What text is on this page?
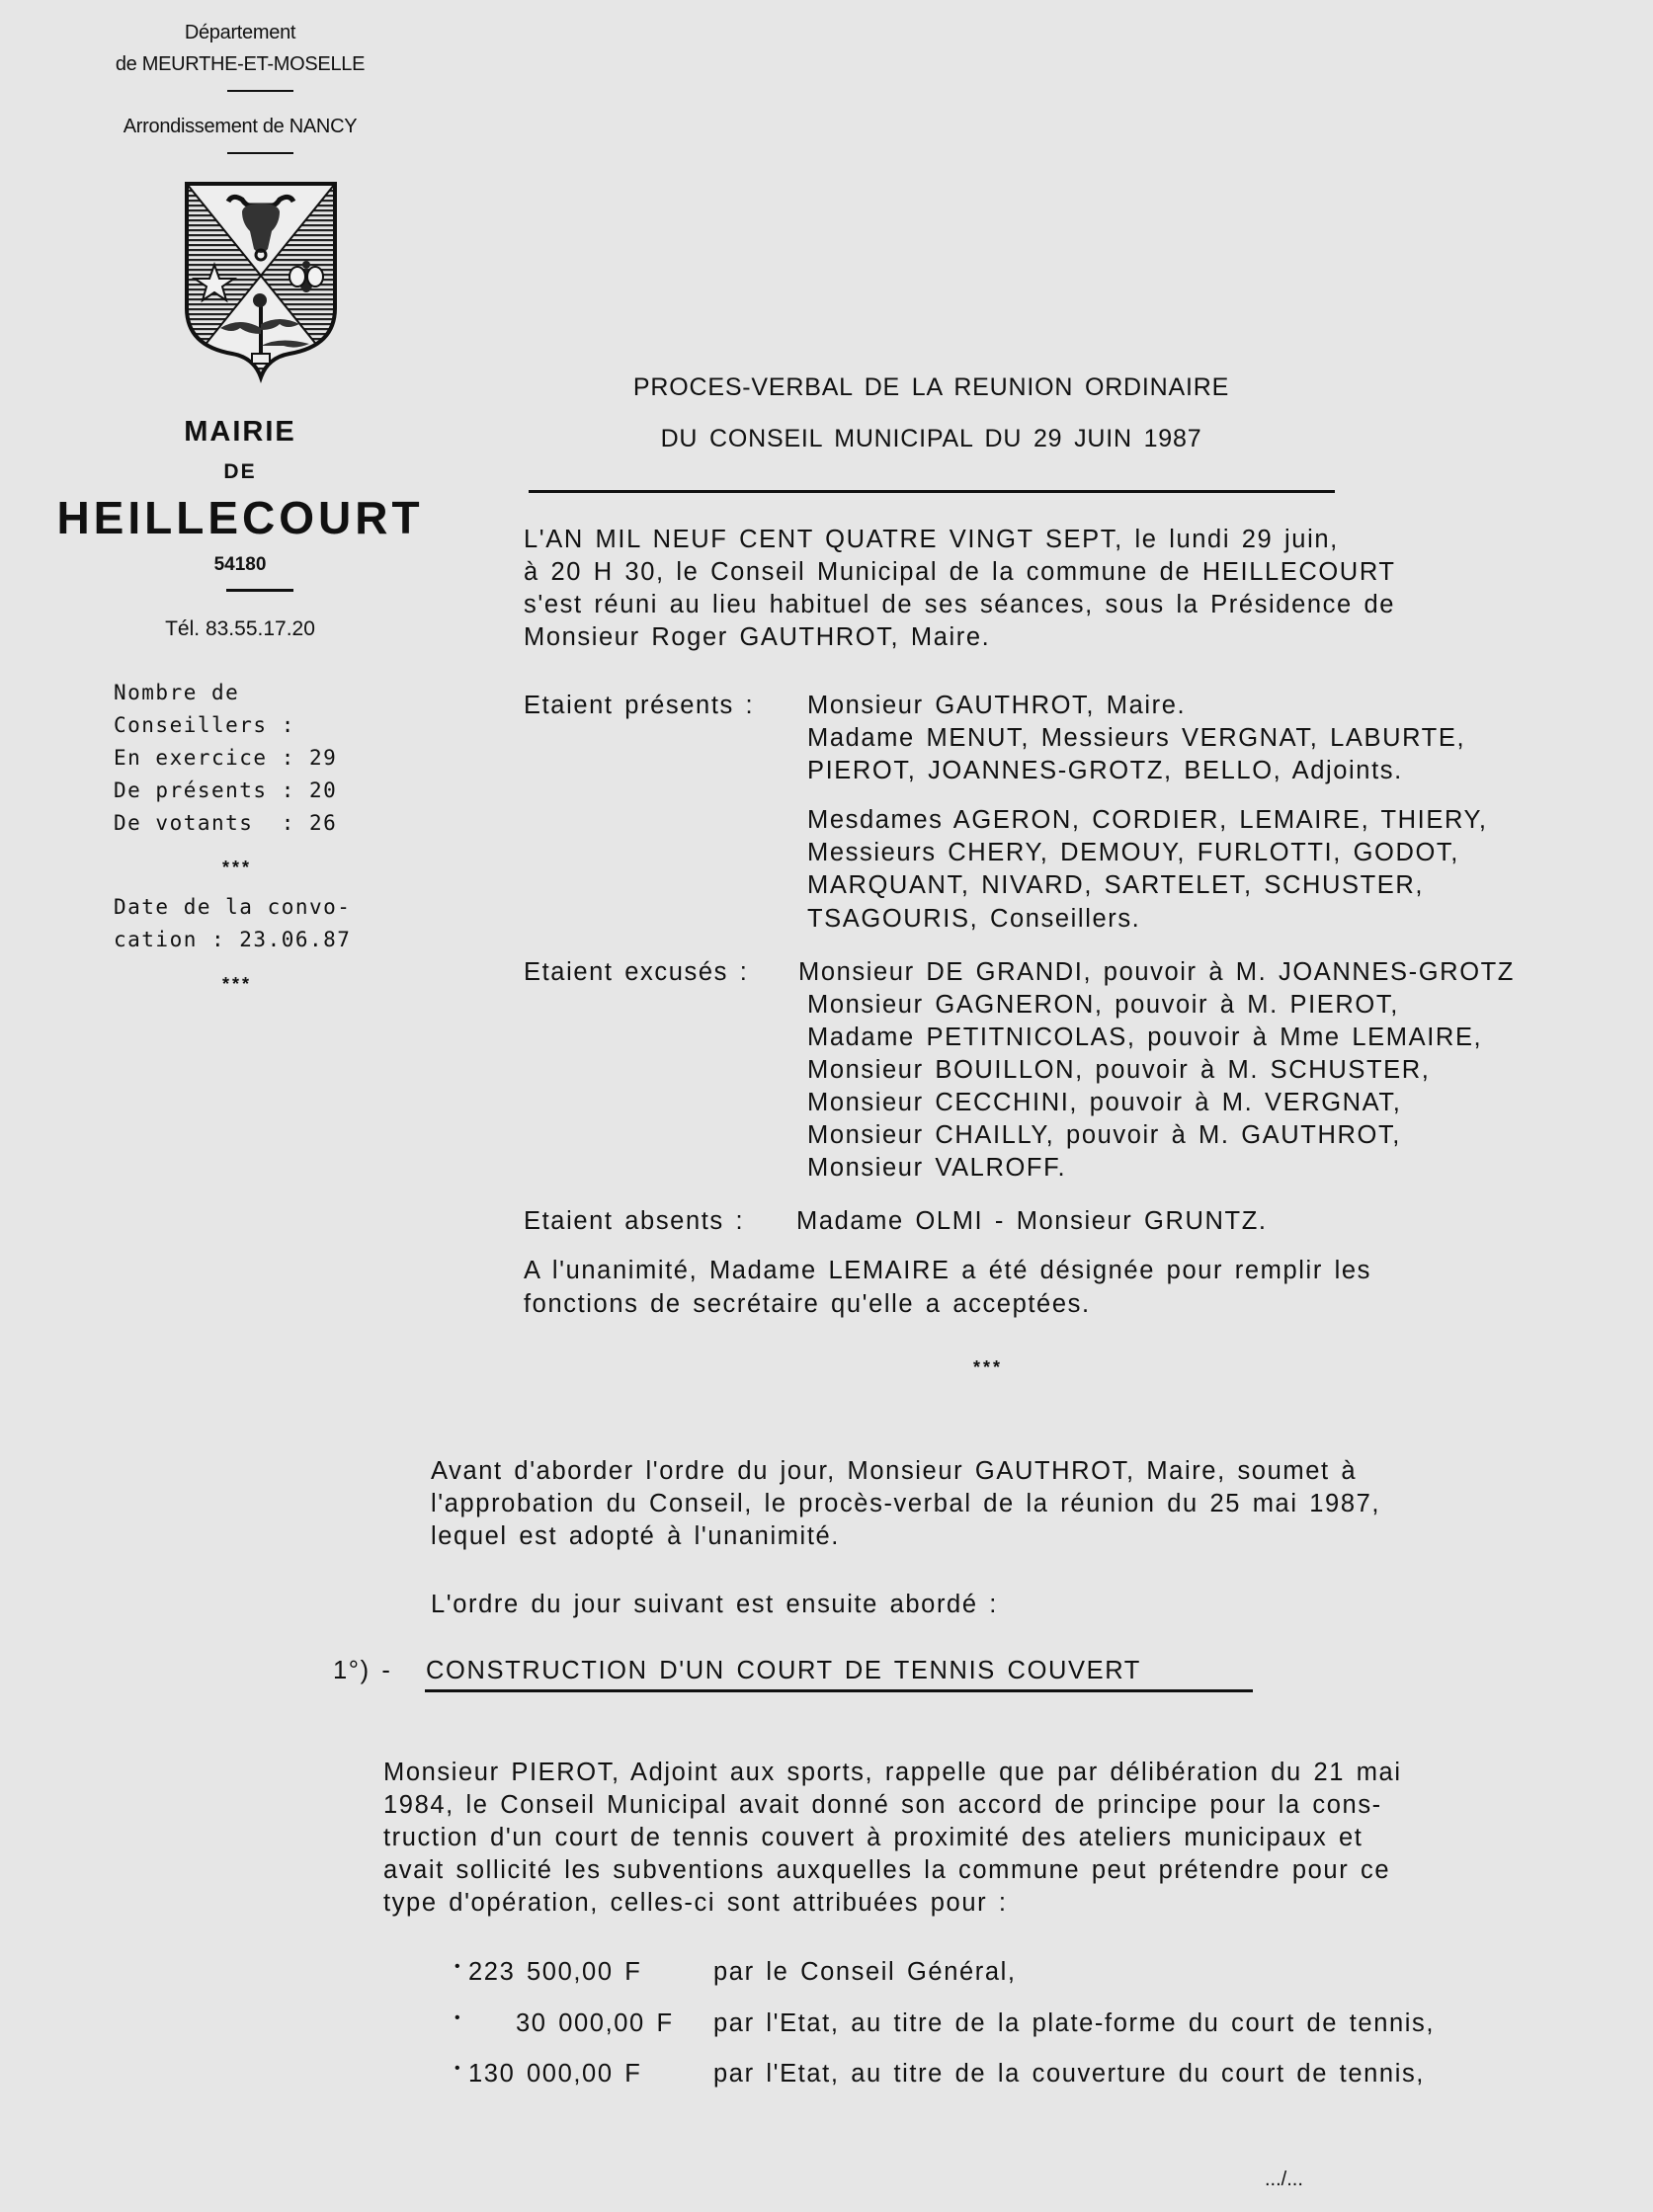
Département
de MEURTHE-ET-MOSELLE
Arrondissement de NANCY
MAIRIE
DE
HEILLECOURT
54180
Tél. 83.55.17.20
Nombre de
Conseillers :
En exercice : 29
De présents : 20
De votants  : 26
***
Date de la convo-
cation : 23.06.87
***
PROCES-VERBAL DE LA REUNION ORDINAIRE
DU CONSEIL MUNICIPAL DU 29 JUIN 1987
L'AN MIL NEUF CENT QUATRE VINGT SEPT, le lundi 29 juin,
à 20 H 30, le Conseil Municipal de la commune de HEILLECOURT
s'est réuni au lieu habituel de ses séances, sous la Présidence de
Monsieur Roger GAUTHROT, Maire.
Etaient présents : Monsieur GAUTHROT, Maire.
Madame MENUT, Messieurs VERGNAT, LABURTE,
PIEROT, JOANNES-GROTZ, BELLO, Adjoints.
Mesdames AGERON, CORDIER, LEMAIRE, THIERY,
Messieurs CHERY, DEMOUY, FURLOTTI, GODOT,
MARQUANT, NIVARD, SARTELET, SCHUSTER,
TSAGOURIS, Conseillers.
Etaient excusés : Monsieur DE GRANDI, pouvoir à M. JOANNES-GROTZ
Monsieur GAGNERON, pouvoir à M. PIEROT,
Madame PETITNICOLAS, pouvoir à Mme LEMAIRE,
Monsieur BOUILLON, pouvoir à M. SCHUSTER,
Monsieur CECCHINI, pouvoir à M. VERGNAT,
Monsieur CHAILLY, pouvoir à M. GAUTHROT,
Monsieur VALROFF.
Etaient absents : Madame OLMI - Monsieur GRUNTZ.
A l'unanimité, Madame LEMAIRE a été désignée pour remplir les
fonctions de secrétaire qu'elle a acceptées.
***
Avant d'aborder l'ordre du jour, Monsieur GAUTHROT, Maire, soumet à
l'approbation du Conseil, le procès-verbal de la réunion du 25 mai 1987,
lequel est adopté à l'unanimité.
L'ordre du jour suivant est ensuite abordé :
1°) - CONSTRUCTION D'UN COURT DE TENNIS COUVERT
Monsieur PIEROT, Adjoint aux sports, rappelle que par délibération du 21 mai
1984, le Conseil Municipal avait donné son accord de principe pour la cons-
truction d'un court de tennis couvert à proximité des ateliers municipaux et
avait sollicité les subventions auxquelles la commune peut prétendre pour ce
type d'opération, celles-ci sont attribuées pour :
• 223 500,00 F	par le Conseil Général,
• 30 000,00 F par l'Etat, au titre de la plate-forme du court de tennis,
• 130 000,00 F	par l'Etat, au titre de la couverture du court de tennis,
.../...
